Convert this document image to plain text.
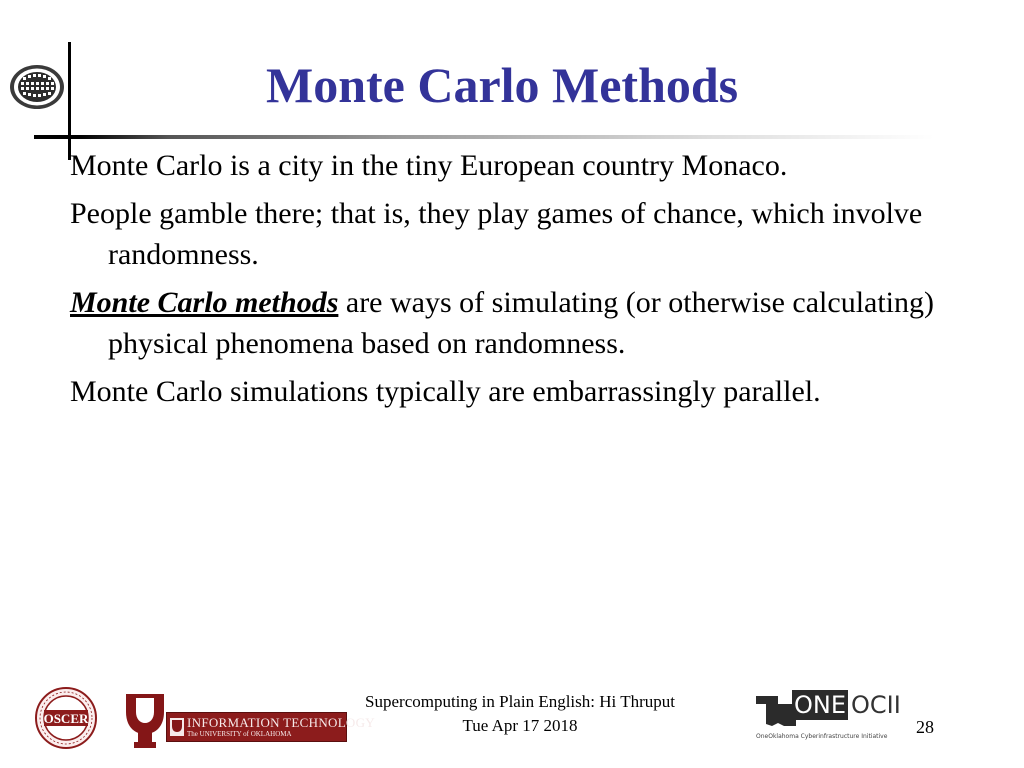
Monte Carlo Methods

Monte Carlo is a city in the tiny European country Monaco.

People gamble there; that is, they play games of chance, which involve randomness.

Monte Carlo methods are ways of simulating (or otherwise calculating) physical phenomena based on randomness.

Monte Carlo simulations typically are embarrassingly parallel.

OSCER	INFORMATION TECHNOLOGY
The UNIVERSITY of OKLAHOMA
Supercomputing in Plain English: Hi Thruput
Tue Apr 17 2018
ONE OCII
OneOklahoma Cyberinfrastructure Initiative 28
